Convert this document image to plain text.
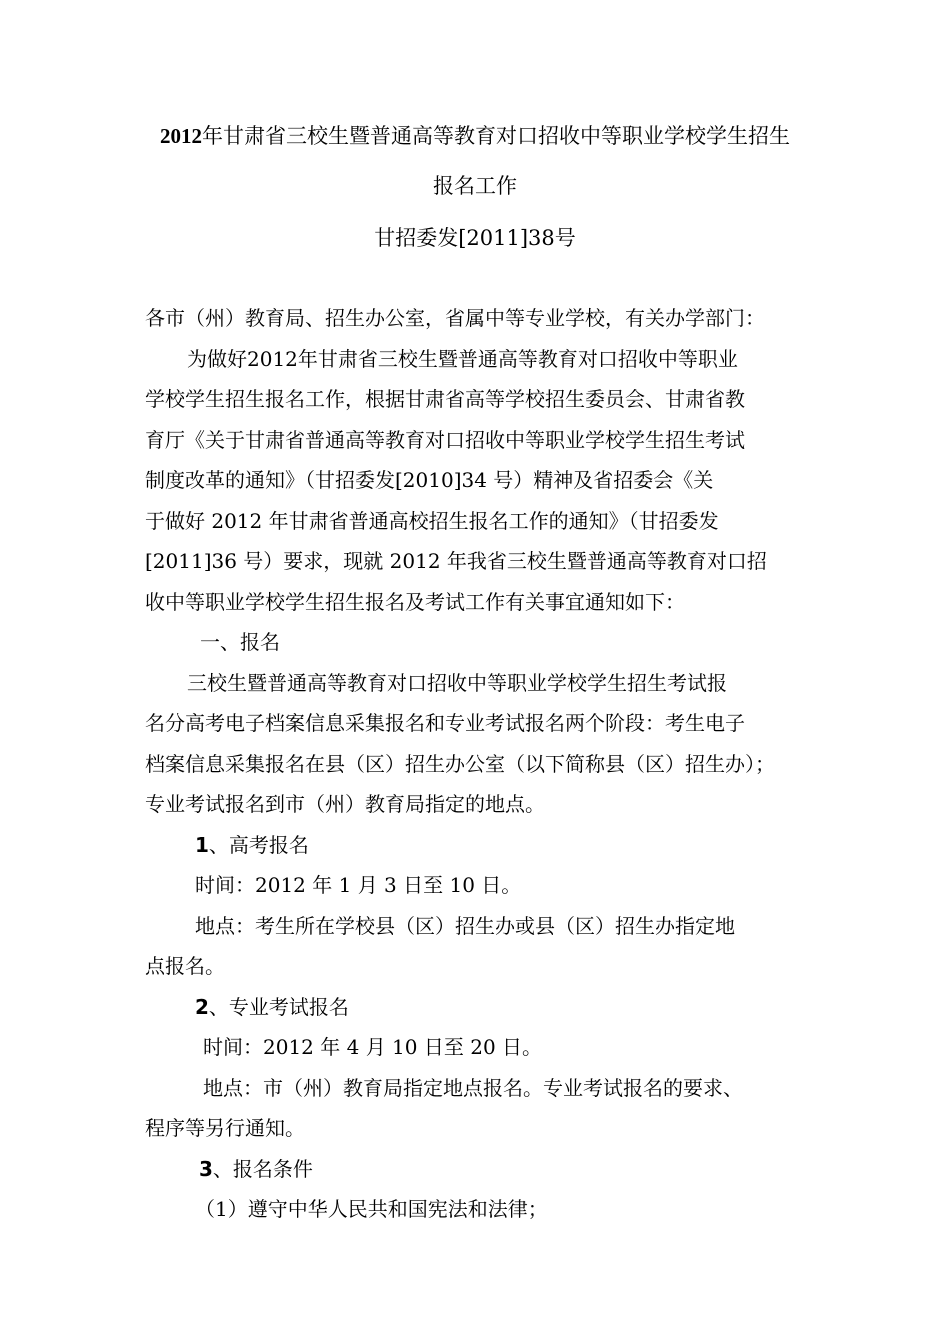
2012年甘肃省三校生暨普通高等教育对口招收中等职业学校学生招生
报名工作
甘招委发[2011]38号

各市（州）教育局、招生办公室，省属中等专业学校，有关办学部门：

为做好2012年甘肃省三校生暨普通高等教育对口招收中等职业

学校学生招生报名工作，根据甘肃省高等学校招生委员会、甘肃省教

育厅《关于甘肃省普通高等教育对口招收中等职业学校学生招生考试

制度改革的通知》（甘招委发[2010]34 号）精神及省招委会《关

于做好 2012 年甘肃省普通高校招生报名工作的通知》（甘招委发

[2011]36 号）要求，现就 2012 年我省三校生暨普通高等教育对口招

收中等职业学校学生招生报名及考试工作有关事宜通知如下：

一、报名

三校生暨普通高等教育对口招收中等职业学校学生招生考试报

名分高考电子档案信息采集报名和专业考试报名两个阶段：考生电子

档案信息采集报名在县（区）招生办公室（以下简称县（区）招生办）；

专业考试报名到市（州）教育局指定的地点。

1、高考报名

时间：2012 年 1 月 3 日至 10 日。

地点：考生所在学校县（区）招生办或县（区）招生办指定地

点报名。

2、专业考试报名

时间：2012 年 4 月 10 日至 20 日。

地点：市（州）教育局指定地点报名。专业考试报名的要求、

程序等另行通知。

3、报名条件

（1）遵守中华人民共和国宪法和法律；
